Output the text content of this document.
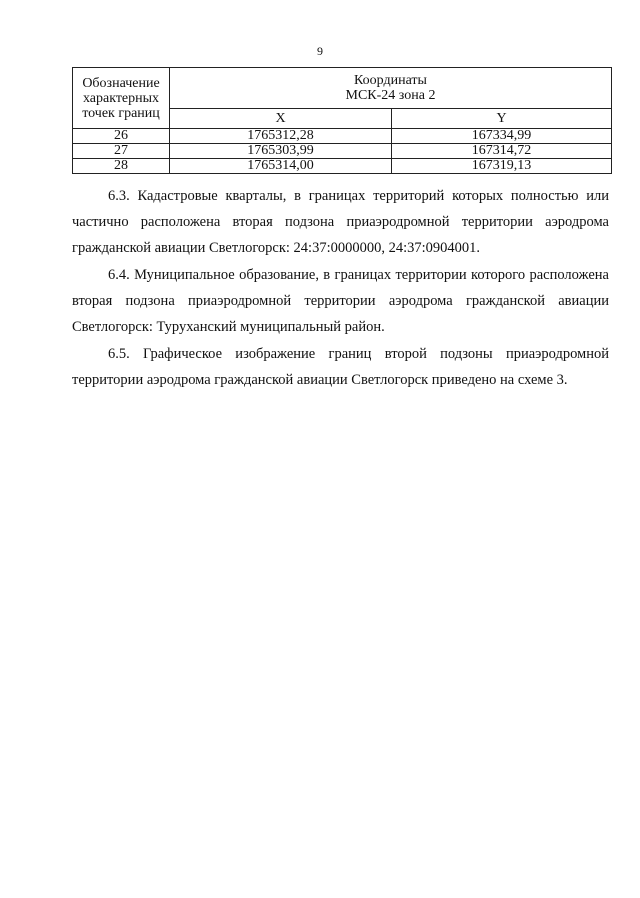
9
Обозначение
характерных
точек границ	Координаты
МСК-24 зона 2	
	X	Y
26	1765312,28	167334,99
27	1765303,99	167314,72
28	1765314,00	167319,13

6.3. Кадастровые кварталы, в границах территорий которых полностью или частично расположена вторая подзона приаэродромной территории аэродрома гражданской авиации Светлогорск: 24:37:0000000, 24:37:0904001.

6.4. Муниципальное образование, в границах территории которого расположена вторая подзона приаэродромной территории аэродрома гражданской авиации Светлогорск: Туруханский муниципальный район.

6.5. Графическое изображение границ второй подзоны приаэродромной территории аэродрома гражданской авиации Светлогорск приведено на схеме 3.
